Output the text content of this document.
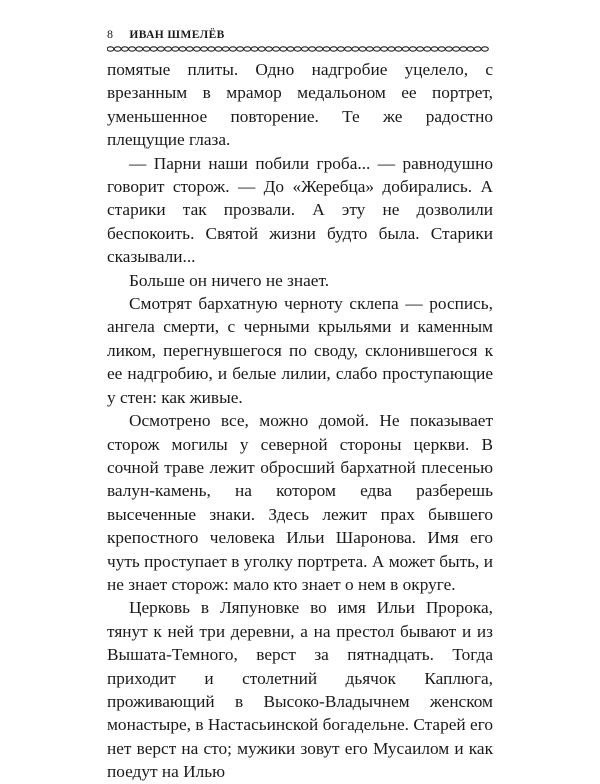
8 ИВАН ШМЕЛЁВ

помятые плиты. Одно надгробие уцелело, с врезанным в мрамор медальоном ее портрет, уменьшенное повторение. Те же радостно плещущие глаза.

— Парни наши побили гроба... — равнодушно говорит сторож. — До «Жеребца» добирались. А старики так прозвали. А эту не дозволили беспокоить. Святой жизни будто была. Старики сказывали...

Больше он ничего не знает.

Смотрят бархатную черноту склепа — роспись, ангела смерти, с черными крыльями и каменным ликом, перегнувшегося по своду, склонившегося к ее надгробию, и белые лилии, слабо проступающие у стен: как живые.

Осмотрено все, можно домой. Не показывает сторож могилы у северной стороны церкви. В сочной траве лежит обросший бархатной плесенью валун-камень, на котором едва разберешь высеченные знаки. Здесь лежит прах бывшего крепостного человека Ильи Шаронова. Имя его чуть проступает в уголку портрета. А может быть, и не знает сторож: мало кто знает о нем в округе.

Церковь в Ляпуновке во имя Ильи Пророка, тянут к ней три деревни, а на престол бывают и из Вышата-Темного, верст за пятнадцать. Тогда приходит и столетний дьячок Каплюга, проживающий в Высоко-Владычнем женском монастыре, в Настасьинской богадельне. Старей его нет верст на сто; мужики зовут его Мусаилом и как поедут на Илью
